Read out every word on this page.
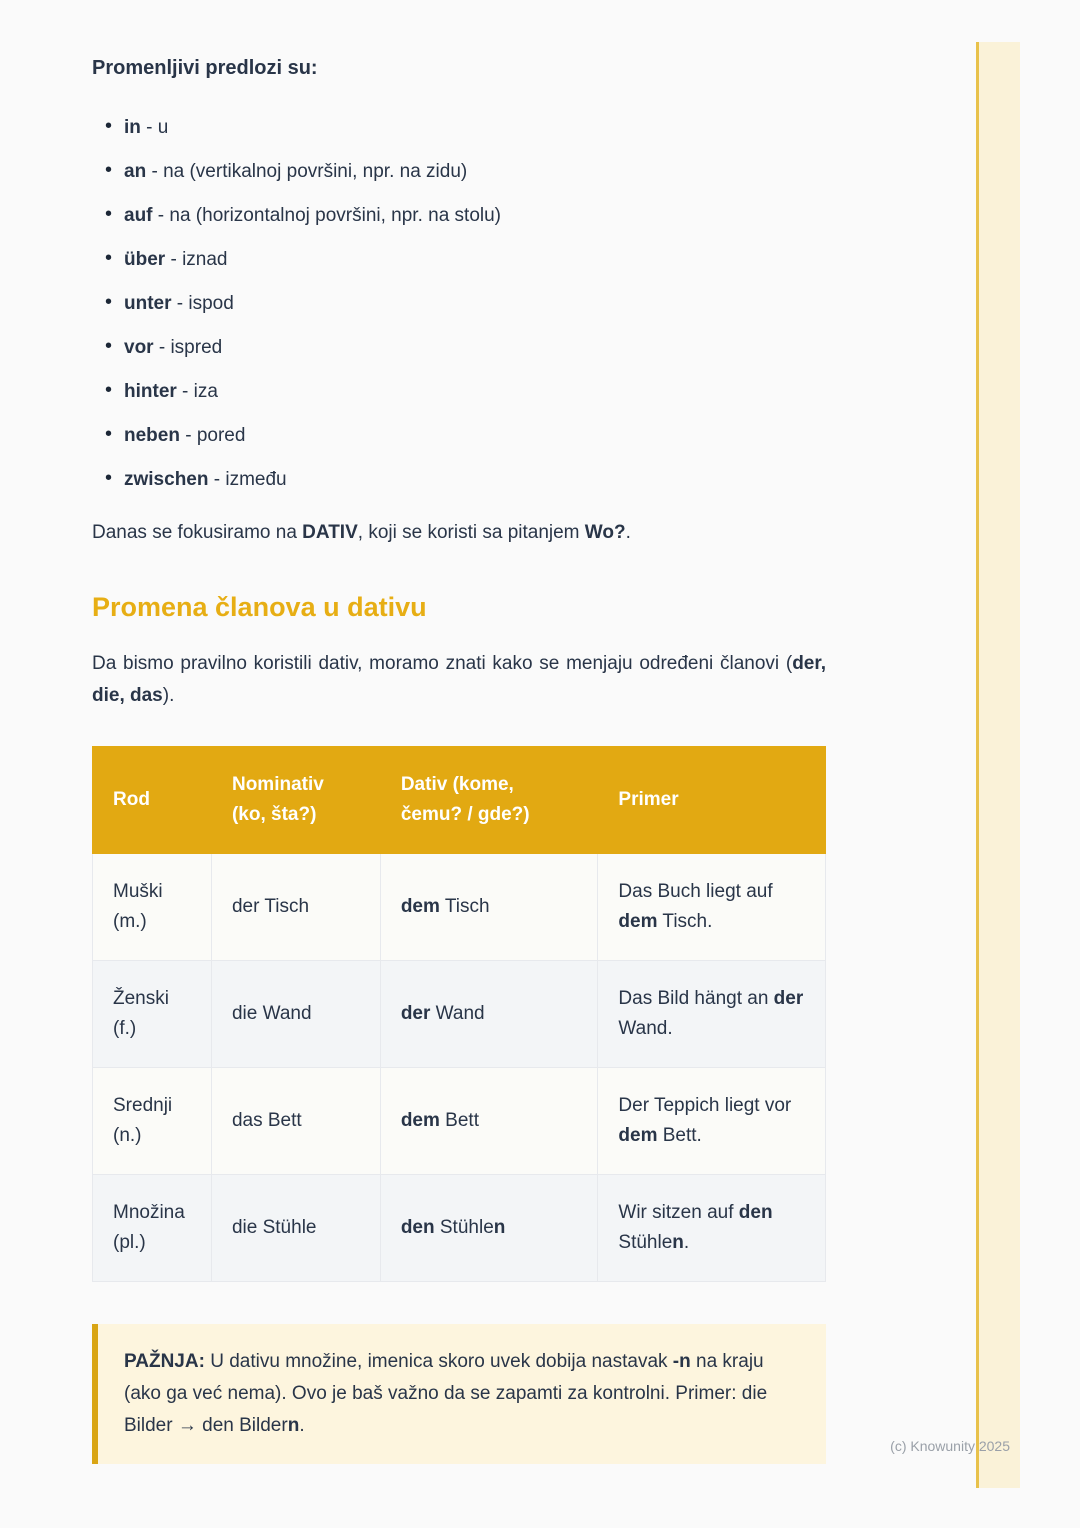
Promenljivi predlozi su:
• in - u
• an - na (vertikalnoj površini, npr. na zidu)
• auf - na (horizontalnoj površini, npr. na stolu)
• über - iznad
• unter - ispod
• vor - ispred
• hinter - iza
• neben - pored
• zwischen - između

Danas se fokusiramo na DATIV, koji se koristi sa pitanjem Wo?.

Promena članova u dativu

Da bismo pravilno koristili dativ, moramo znati kako se menjaju određeni članovi (der, die, das).

Rod	Nominativ (ko, šta?)	Dativ (kome, čemu? / gde?)	Primer
Muški (m.)	der Tisch	dem Tisch	Das Buch liegt auf dem Tisch.
Ženski (f.)	die Wand	der Wand	Das Bild hängt an der Wand.
Srednji (n.)	das Bett	dem Bett	Der Teppich liegt vor dem Bett.
Množina (pl.)	die Stühle	den Stühlen	Wir sitzen auf den Stühlen.

PAŽNJA: U dativu množine, imenica skoro uvek dobija nastavak -n na kraju (ako ga već nema). Ovo je baš važno da se zapamti za kontrolni. Primer: die Bilder → den Bildern.

(c) Knowunity 2025
